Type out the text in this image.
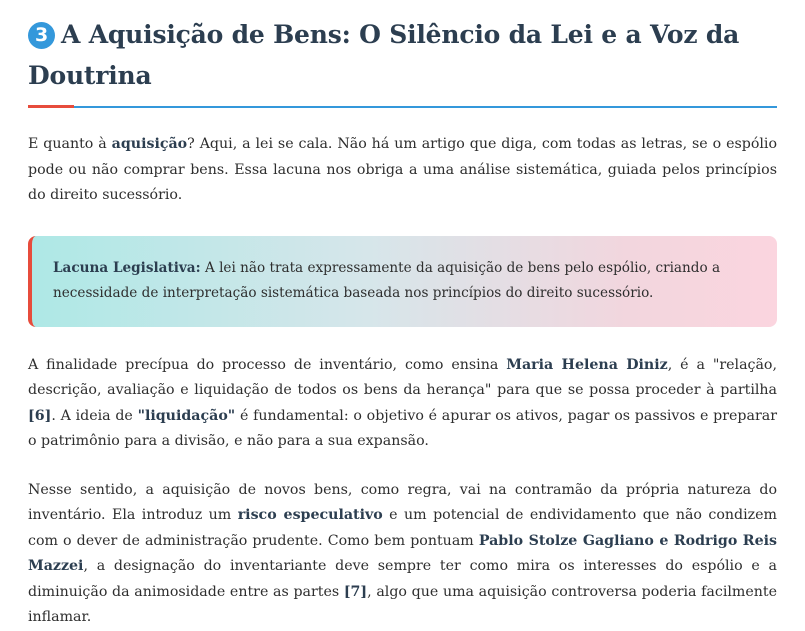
3 A Aquisição de Bens: O Silêncio da Lei e a Voz da Doutrina

E quanto à aquisição? Aqui, a lei se cala. Não há um artigo que diga, com todas as letras, se o espólio pode ou não comprar bens. Essa lacuna nos obriga a uma análise sistemática, guiada pelos princípios do direito sucessório.

Lacuna Legislativa: A lei não trata expressamente da aquisição de bens pelo espólio, criando a necessidade de interpretação sistemática baseada nos princípios do direito sucessório.

A finalidade precípua do processo de inventário, como ensina Maria Helena Diniz, é a "relação, descrição, avaliação e liquidação de todos os bens da herança" para que se possa proceder à partilha [6]. A ideia de "liquidação" é fundamental: o objetivo é apurar os ativos, pagar os passivos e preparar o patrimônio para a divisão, e não para a sua expansão.

Nesse sentido, a aquisição de novos bens, como regra, vai na contramão da própria natureza do inventário. Ela introduz um risco especulativo e um potencial de endividamento que não condizem com o dever de administração prudente. Como bem pontuam Pablo Stolze Gagliano e Rodrigo Reis Mazzei, a designação do inventariante deve sempre ter como mira os interesses do espólio e a diminuição da animosidade entre as partes [7], algo que uma aquisição controversa poderia facilmente inflamar.
